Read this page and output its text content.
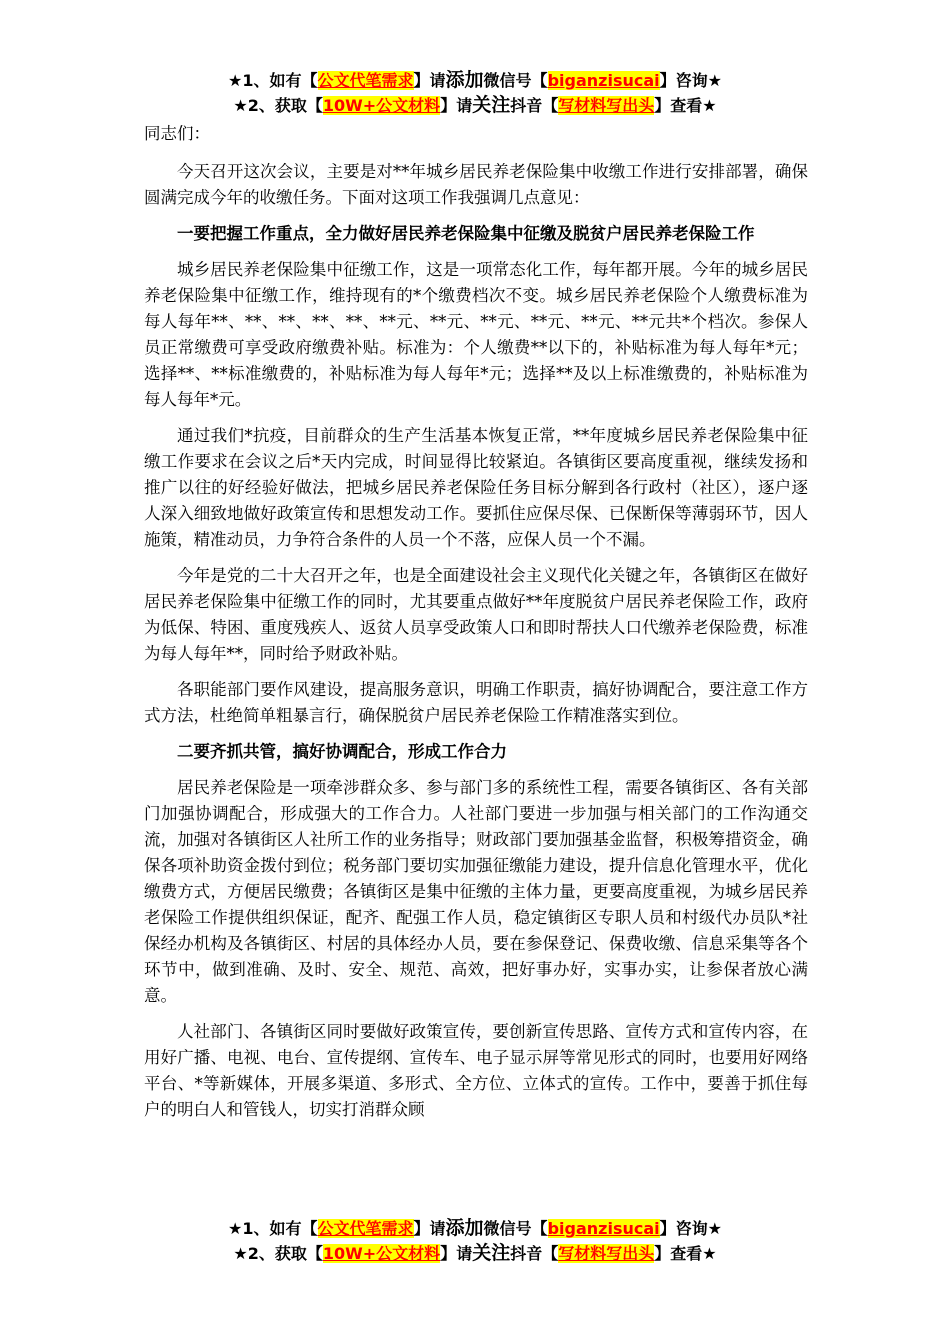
★1、如有【公文代笔需求】请添加微信号【biganzisucai】咨询★
★2、获取【10W+公文材料】请关注抖音【写材料写出头】查看★

同志们：

今天召开这次会议，主要是对**年城乡居民养老保险集中收缴工作进行安排部署，确保圆满完成今年的收缴任务。下面对这项工作我强调几点意见：

一要把握工作重点，全力做好居民养老保险集中征缴及脱贫户居民养老保险工作

城乡居民养老保险集中征缴工作，这是一项常态化工作，每年都开展。今年的城乡居民养老保险集中征缴工作，维持现有的*个缴费档次不变。城乡居民养老保险个人缴费标准为每人每年**、**、**、**、**、**元、**元、**元、**元、**元、**元共*个档次。参保人员正常缴费可享受政府缴费补贴。标准为：个人缴费**以下的，补贴标准为每人每年*元；选择**、**标准缴费的，补贴标准为每人每年*元；选择**及以上标准缴费的，补贴标准为每人每年*元。

通过我们*抗疫，目前群众的生产生活基本恢复正常，**年度城乡居民养老保险集中征缴工作要求在会议之后*天内完成，时间显得比较紧迫。各镇街区要高度重视，继续发扬和推广以往的好经验好做法，把城乡居民养老保险任务目标分解到各行政村（社区），逐户逐人深入细致地做好政策宣传和思想发动工作。要抓住应保尽保、已保断保等薄弱环节，因人施策，精准动员，力争符合条件的人员一个不落，应保人员一个不漏。

今年是党的二十大召开之年，也是全面建设社会主义现代化关键之年，各镇街区在做好居民养老保险集中征缴工作的同时，尤其要重点做好**年度脱贫户居民养老保险工作，政府为低保、特困、重度残疾人、返贫人员享受政策人口和即时帮扶人口代缴养老保险费，标准为每人每年**，同时给予财政补贴。

各职能部门要作风建设，提高服务意识，明确工作职责，搞好协调配合，要注意工作方式方法，杜绝简单粗暴言行，确保脱贫户居民养老保险工作精准落实到位。

二要齐抓共管，搞好协调配合，形成工作合力

居民养老保险是一项牵涉群众多、参与部门多的系统性工程，需要各镇街区、各有关部门加强协调配合，形成强大的工作合力。人社部门要进一步加强与相关部门的工作沟通交流，加强对各镇街区人社所工作的业务指导；财政部门要加强基金监督，积极筹措资金，确保各项补助资金拨付到位；税务部门要切实加强征缴能力建设，提升信息化管理水平，优化缴费方式，方便居民缴费；各镇街区是集中征缴的主体力量，更要高度重视，为城乡居民养老保险工作提供组织保证，配齐、配强工作人员，稳定镇街区专职人员和村级代办员队*社保经办机构及各镇街区、村居的具体经办人员，要在参保登记、保费收缴、信息采集等各个环节中，做到准确、及时、安全、规范、高效，把好事办好，实事办实，让参保者放心满意。

人社部门、各镇街区同时要做好政策宣传，要创新宣传思路、宣传方式和宣传内容，在用好广播、电视、电台、宣传提纲、宣传车、电子显示屏等常见形式的同时，也要用好网络平台、*等新媒体，开展多渠道、多形式、全方位、立体式的宣传。工作中，要善于抓住每户的明白人和管钱人，切实打消群众顾

★1、如有【公文代笔需求】请添加微信号【biganzisucai】咨询★
★2、获取【10W+公文材料】请关注抖音【写材料写出头】查看★
